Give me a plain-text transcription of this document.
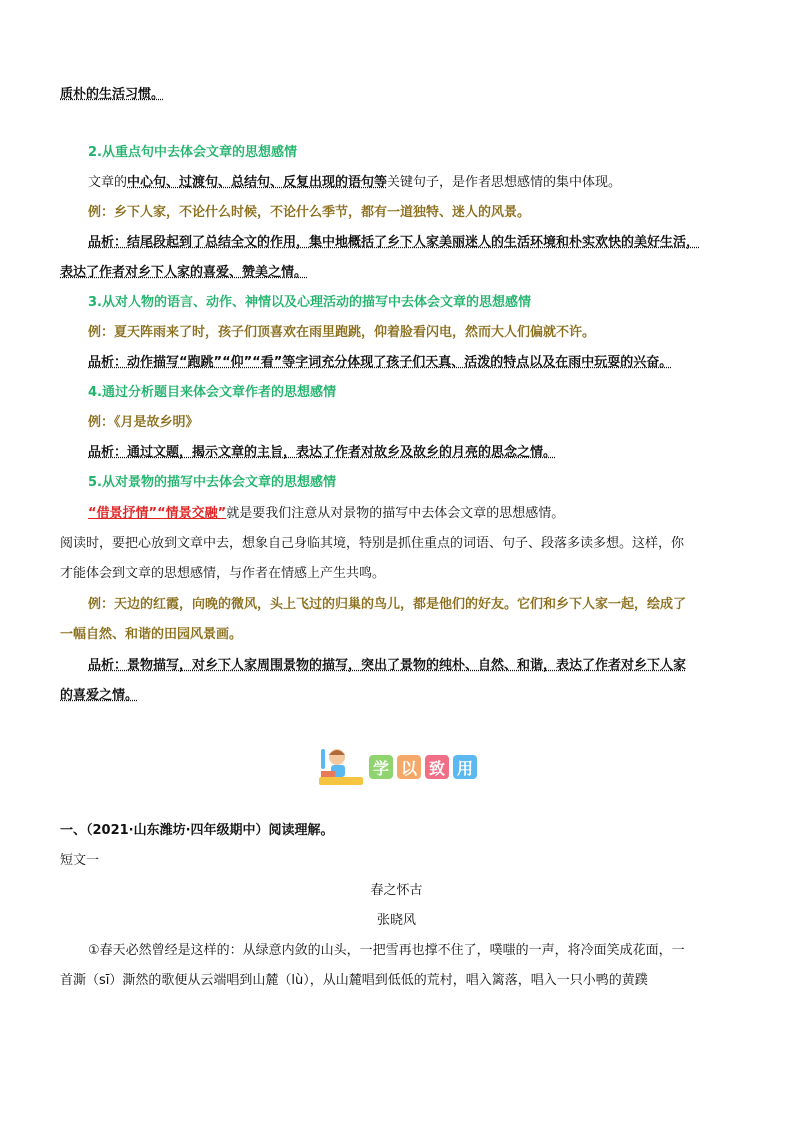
质朴的生活习惯。
2.从重点句中去体会文章的思想感情
文章的中心句、过渡句、总结句、反复出现的语句等关键句子，是作者思想感情的集中体现。
例：乡下人家，不论什么时候，不论什么季节，都有一道独特、迷人的风景。
品析：结尾段起到了总结全文的作用，集中地概括了乡下人家美丽迷人的生活环境和朴实欢快的美好生活，
表达了作者对乡下人家的喜爱、赞美之情。
3.从对人物的语言、动作、神情以及心理活动的描写中去体会文章的思想感情
例：夏天阵雨来了时，孩子们顶喜欢在雨里跑跳，仰着脸看闪电，然而大人们偏就不许。
品析：动作描写“跑跳”“仰”“看”等字词充分体现了孩子们天真、活泼的特点以及在雨中玩耍的兴奋。
4.通过分析题目来体会文章作者的思想感情
例：《月是故乡明》
品析：通过文题，揭示文章的主旨，表达了作者对故乡及故乡的月亮的思念之情。
5.从对景物的描写中去体会文章的思想感情
“借景抒情”“情景交融”就是要我们注意从对景物的描写中去体会文章的思想感情。
阅读时，要把心放到文章中去，想象自己身临其境，特别是抓住重点的词语、句子、段落多读多想。这样，你
才能体会到文章的思想感情，与作者在情感上产生共鸣。
例：天边的红霞，向晚的微风，头上飞过的归巢的鸟儿，都是他们的好友。它们和乡下人家一起，绘成了
一幅自然、和谐的田园风景画。
品析：景物描写，对乡下人家周围景物的描写，突出了景物的纯朴、自然、和谐，表达了作者对乡下人家
的喜爱之情。
学 以 致 用
一、（2021·山东潍坊·四年级期中）阅读理解。
短文一
春之怀古
张晓风
①春天必然曾经是这样的：从绿意内敛的山头，一把雪再也撑不住了，噗嗤的一声，将冷面笑成花面，一
首澌（sī）澌然的歌便从云端唱到山麓（lù），从山麓唱到低低的荒村，唱入篱落，唱入一只小鸭的黄蹼
